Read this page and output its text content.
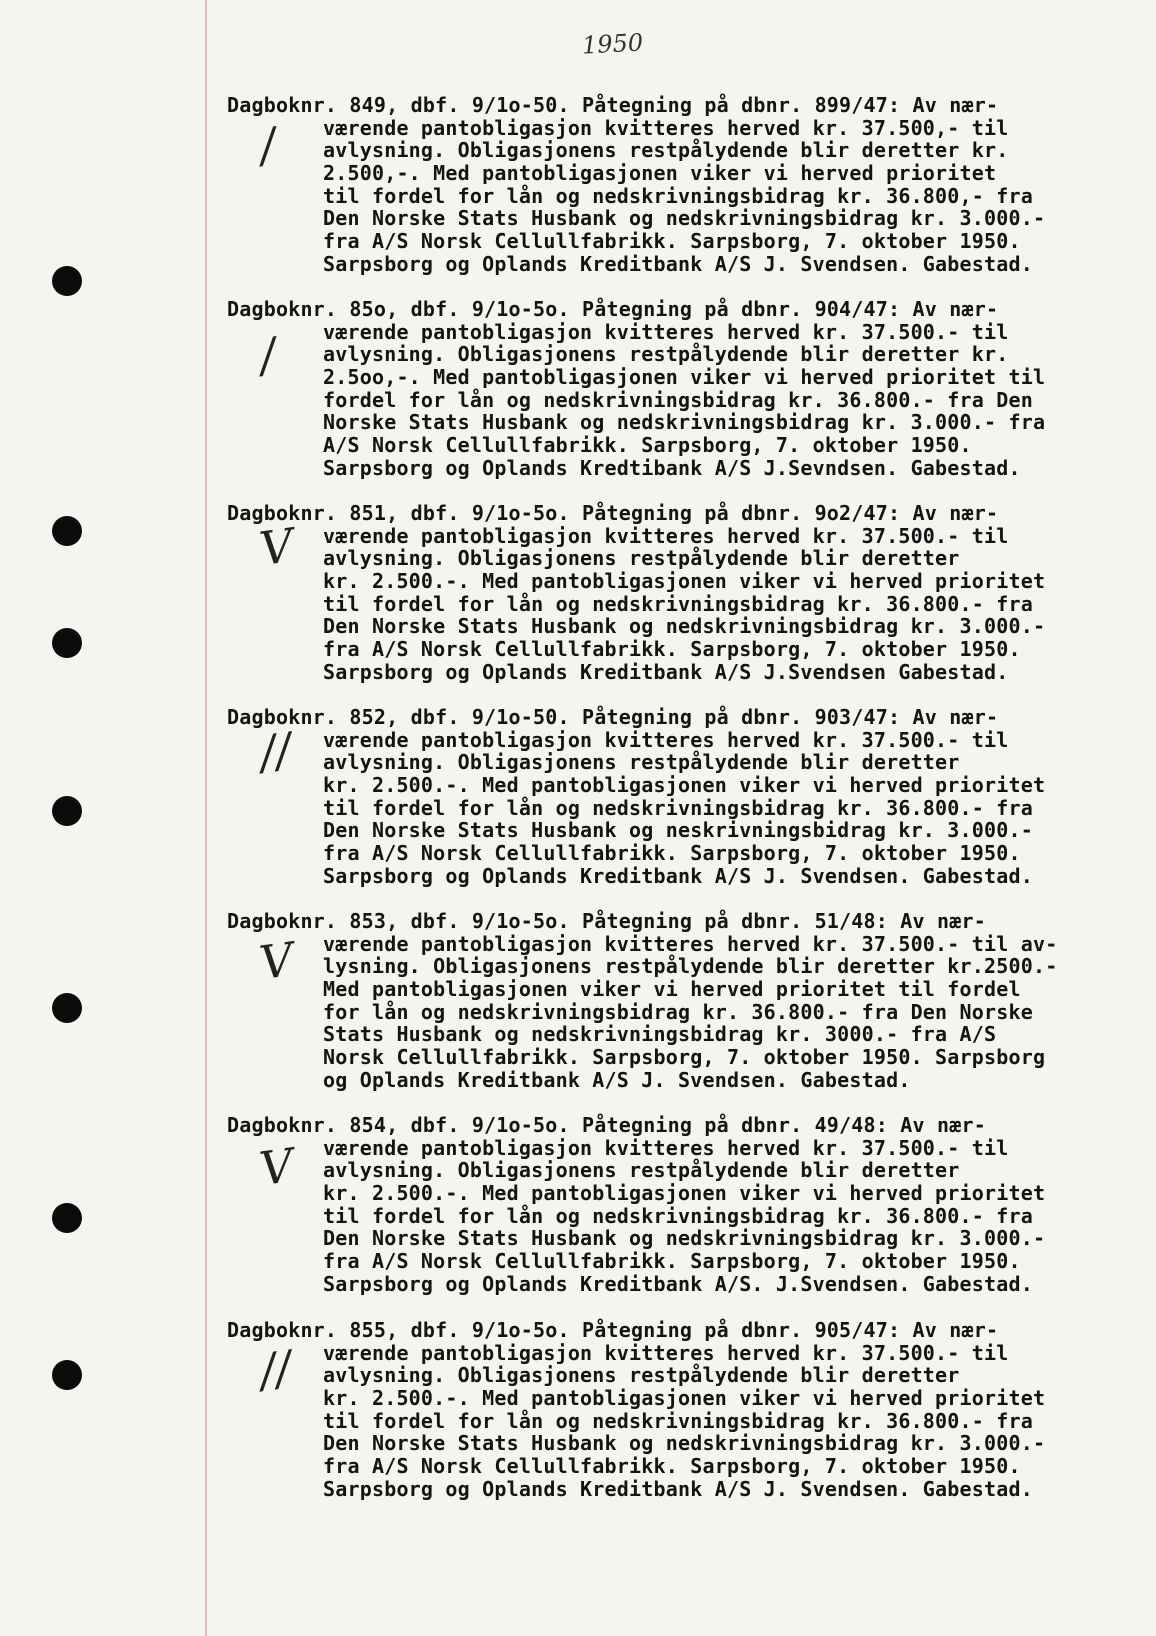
1950
Dagboknr. 849, dbf. 9/1o-50. Påtegning på dbnr. 899/47: Av nær-
værende pantobligasjon kvitteres herved kr. 37.500,- til
avlysning. Obligasjonens restpålydende blir deretter kr.
2.500,-. Med pantobligasjonen viker vi herved prioritet
til fordel for lån og nedskrivningsbidrag kr. 36.800,- fra
Den Norske Stats Husbank og nedskrivningsbidrag kr. 3.000.-
fra A/S Norsk Cellullfabrikk. Sarpsborg, 7. oktober 1950.
Sarpsborg og Oplands Kreditbank A/S J. Svendsen. Gabestad.
/
Dagboknr. 85o, dbf. 9/1o-5o. Påtegning på dbnr. 904/47: Av nær-
værende pantobligasjon kvitteres herved kr. 37.500.- til
avlysning. Obligasjonens restpålydende blir deretter kr.
2.5oo,-. Med pantobligasjonen viker vi herved prioritet til
fordel for lån og nedskrivningsbidrag kr. 36.800.- fra Den
Norske Stats Husbank og nedskrivningsbidrag kr. 3.000.- fra
A/S Norsk Cellullfabrikk. Sarpsborg, 7. oktober 1950.
Sarpsborg og Oplands Kredtibank A/S J.Sevndsen. Gabestad.
/
Dagboknr. 851, dbf. 9/1o-5o. Påtegning på dbnr. 9o2/47: Av nær-
værende pantobligasjon kvitteres herved kr. 37.500.- til
avlysning. Obligasjonens restpålydende blir deretter
kr. 2.500.-. Med pantobligasjonen viker vi herved prioritet
til fordel for lån og nedskrivningsbidrag kr. 36.800.- fra
Den Norske Stats Husbank og nedskrivningsbidrag kr. 3.000.-
fra A/S Norsk Cellullfabrikk. Sarpsborg, 7. oktober 1950.
Sarpsborg og Oplands Kreditbank A/S J.Svendsen Gabestad.
V
Dagboknr. 852, dbf. 9/1o-50. Påtegning på dbnr. 903/47: Av nær-
værende pantobligasjon kvitteres herved kr. 37.500.- til
avlysning. Obligasjonens restpålydende blir deretter
kr. 2.500.-. Med pantobligasjonen viker vi herved prioritet
til fordel for lån og nedskrivningsbidrag kr. 36.800.- fra
Den Norske Stats Husbank og neskrivningsbidrag kr. 3.000.-
fra A/S Norsk Cellullfabrikk. Sarpsborg, 7. oktober 1950.
Sarpsborg og Oplands Kreditbank A/S J. Svendsen. Gabestad.
//
Dagboknr. 853, dbf. 9/1o-5o. Påtegning på dbnr. 51/48: Av nær-
værende pantobligasjon kvitteres herved kr. 37.500.- til av-
lysning. Obligasjonens restpålydende blir deretter kr.2500.-
Med pantobligasjonen viker vi herved prioritet til fordel
for lån og nedskrivningsbidrag kr. 36.800.- fra Den Norske
Stats Husbank og nedskrivningsbidrag kr. 3000.- fra A/S
Norsk Cellullfabrikk. Sarpsborg, 7. oktober 1950. Sarpsborg
og Oplands Kreditbank A/S J. Svendsen. Gabestad.
V
Dagboknr. 854, dbf. 9/1o-5o. Påtegning på dbnr. 49/48: Av nær-
værende pantobligasjon kvitteres herved kr. 37.500.- til
avlysning. Obligasjonens restpålydende blir deretter
kr. 2.500.-. Med pantobligasjonen viker vi herved prioritet
til fordel for lån og nedskrivningsbidrag kr. 36.800.- fra
Den Norske Stats Husbank og nedskrivningsbidrag kr. 3.000.-
fra A/S Norsk Cellullfabrikk. Sarpsborg, 7. oktober 1950.
Sarpsborg og Oplands Kreditbank A/S. J.Svendsen. Gabestad.
V
Dagboknr. 855, dbf. 9/1o-5o. Påtegning på dbnr. 905/47: Av nær-
værende pantobligasjon kvitteres herved kr. 37.500.- til
avlysning. Obligasjonens restpålydende blir deretter
kr. 2.500.-. Med pantobligasjonen viker vi herved prioritet
til fordel for lån og nedskrivningsbidrag kr. 36.800.- fra
Den Norske Stats Husbank og nedskrivningsbidrag kr. 3.000.-
fra A/S Norsk Cellullfabrikk. Sarpsborg, 7. oktober 1950.
Sarpsborg og Oplands Kreditbank A/S J. Svendsen. Gabestad.
//
